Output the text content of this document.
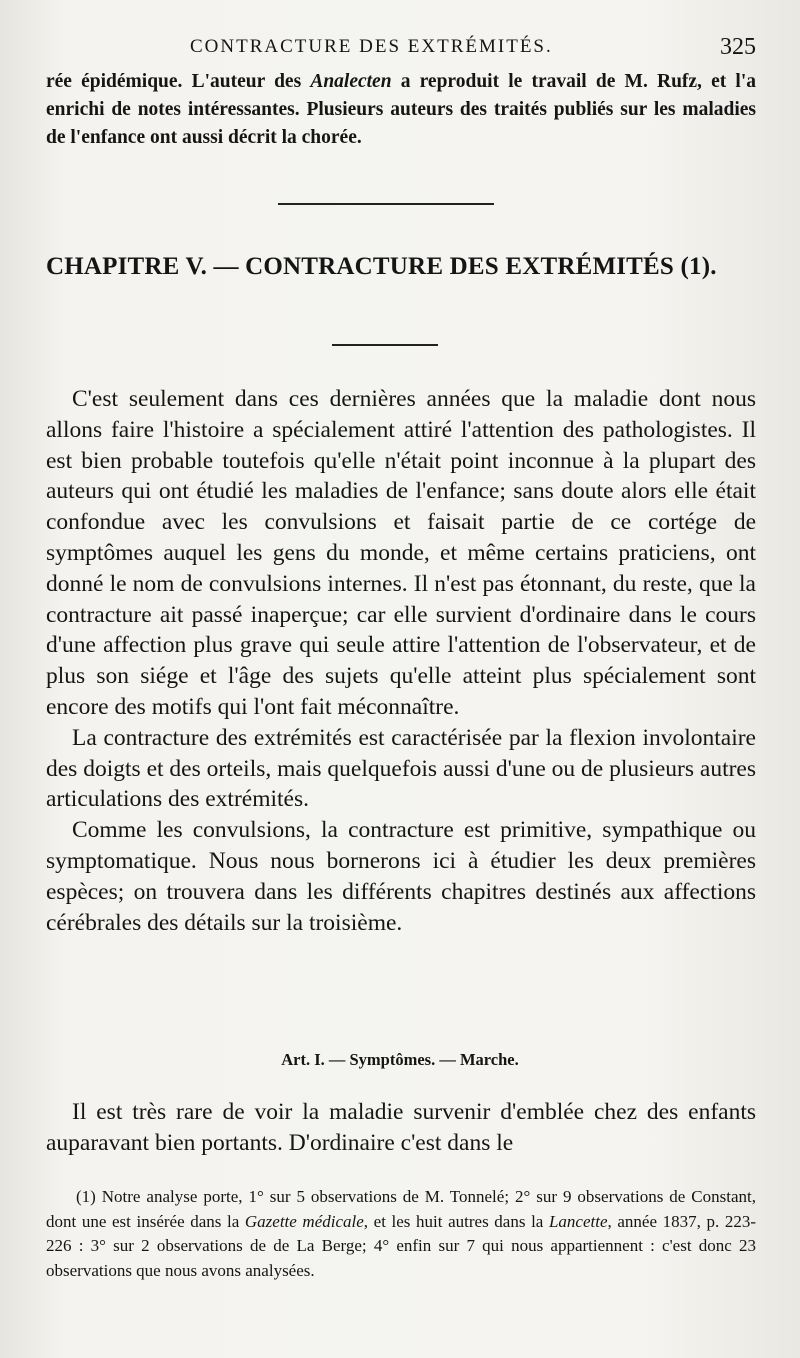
CONTRACTURE DES EXTRÉMITÉS.	325

rée épidémique. L'auteur des Analecten a reproduit le travail de M. Rufz, et l'a enrichi de notes intéressantes. Plusieurs auteurs des traités publiés sur les maladies de l'enfance ont aussi décrit la chorée.

CHAPITRE V. — CONTRACTURE DES EXTRÉMITÉS (1).

C'est seulement dans ces dernières années que la maladie dont nous allons faire l'histoire a spécialement attiré l'attention des pathologistes. Il est bien probable toutefois qu'elle n'était point inconnue à la plupart des auteurs qui ont étudié les maladies de l'enfance; sans doute alors elle était confondue avec les convulsions et faisait partie de ce cortége de symptômes auquel les gens du monde, et même certains praticiens, ont donné le nom de convulsions internes. Il n'est pas étonnant, du reste, que la contracture ait passé inaperçue; car elle survient d'ordinaire dans le cours d'une affection plus grave qui seule attire l'attention de l'observateur, et de plus son siége et l'âge des sujets qu'elle atteint plus spécialement sont encore des motifs qui l'ont fait méconnaître.

La contracture des extrémités est caractérisée par la flexion involontaire des doigts et des orteils, mais quelquefois aussi d'une ou de plusieurs autres articulations des extrémités.

Comme les convulsions, la contracture est primitive, sympathique ou symptomatique. Nous nous bornerons ici à étudier les deux premières espèces; on trouvera dans les différents chapitres destinés aux affections cérébrales des détails sur la troisième.

Art. I. — Symptômes. — Marche.

Il est très rare de voir la maladie survenir d'emblée chez des enfants auparavant bien portants. D'ordinaire c'est dans le

(1) Notre analyse porte, 1° sur 5 observations de M. Tonnelé; 2° sur 9 observations de Constant, dont une est insérée dans la Gazette médicale, et les huit autres dans la Lancette, année 1837, p. 223-226 : 3° sur 2 observations de de La Berge; 4° enfin sur 7 qui nous appartiennent : c'est donc 23 observations que nous avons analysées.
